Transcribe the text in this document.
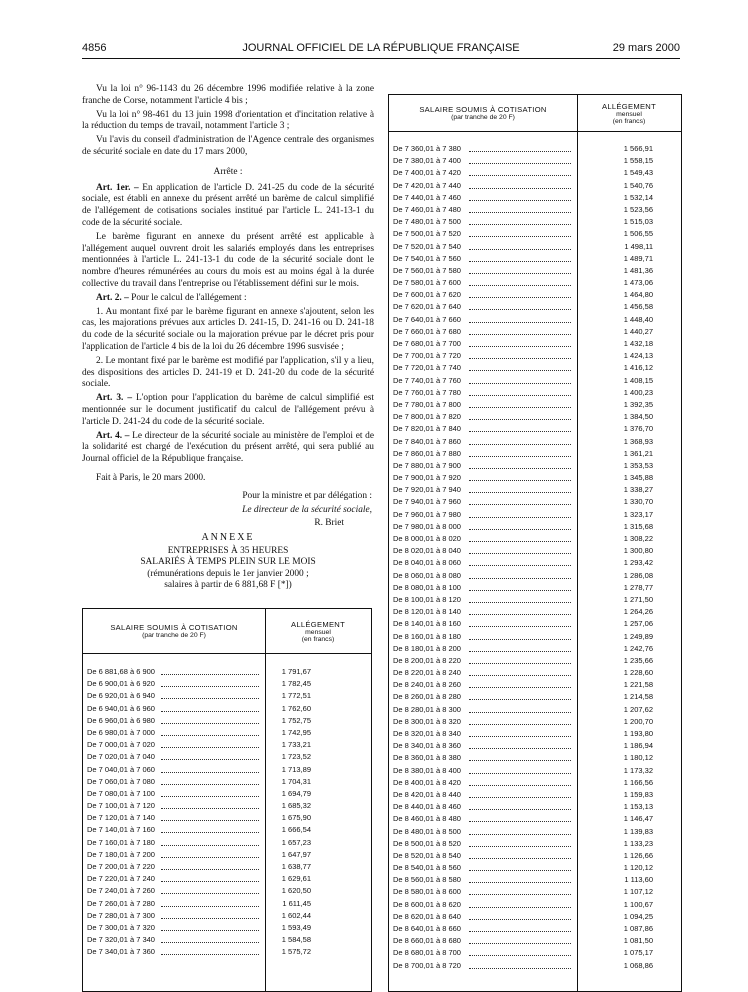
4856	JOURNAL OFFICIEL DE LA RÉPUBLIQUE FRANÇAISE	29 mars 2000

Vu la loi n° 96-1143 du 26 décembre 1996 modifiée relative à la zone franche de Corse, notamment l'article 4 bis ;

Vu la loi n° 98-461 du 13 juin 1998 d'orientation et d'incitation relative à la réduction du temps de travail, notamment l'article 3 ;

Vu l'avis du conseil d'administration de l'Agence centrale des organismes de sécurité sociale en date du 17 mars 2000,

Arrête :

Art. 1er. – En application de l'article D. 241-25 du code de la sécurité sociale, est établi en annexe du présent arrêté un barème de calcul simplifié de l'allégement de cotisations sociales institué par l'article L. 241-13-1 du code de la sécurité sociale.

Le barème figurant en annexe du présent arrêté est applicable à l'allégement auquel ouvrent droit les salariés employés dans les entreprises mentionnées à l'article L. 241-13-1 du code de la sécurité sociale dont le nombre d'heures rémunérées au cours du mois est au moins égal à la durée collective du travail dans l'entreprise ou l'établissement défini sur le mois.

Art. 2. – Pour le calcul de l'allégement :

1. Au montant fixé par le barème figurant en annexe s'ajoutent, selon les cas, les majorations prévues aux articles D. 241-15, D. 241-16 ou D. 241-18 du code de la sécurité sociale ou la majoration prévue par le décret pris pour l'application de l'article 4 bis de la loi du 26 décembre 1996 susvisée ;

2. Le montant fixé par le barème est modifié par l'application, s'il y a lieu, des dispositions des articles D. 241-19 et D. 241-20 du code de la sécurité sociale.

Art. 3. – L'option pour l'application du barème de calcul simplifié est mentionnée sur le document justificatif du calcul de l'allégement prévu à l'article D. 241-24 du code de la sécurité sociale.

Art. 4. – Le directeur de la sécurité sociale au ministère de l'emploi et de la solidarité est chargé de l'exécution du présent arrêté, qui sera publié au Journal officiel de la République française.

Fait à Paris, le 20 mars 2000.

Pour la ministre et par délégation :

Le directeur de la sécurité sociale,

R. Briet

ANNEXE

ENTREPRISES À 35 HEURES

SALARIÉS À TEMPS PLEIN SUR LE MOIS

(rémunérations depuis le 1er janvier 2000 ;

salaires à partir de 6 881,68 F [*])

SALAIRE SOUMIS À COTISATION
(par tranche de 20 F)
ALLÉGEMENT
mensuel
(en francs)
De 6 881,68 à 6 900	1 791,67
De 6 900,01 à 6 920	1 782,45
De 6 920,01 à 6 940	1 772,51
De 6 940,01 à 6 960	1 762,60
De 6 960,01 à 6 980	1 752,75
De 6 980,01 à 7 000	1 742,95
De 7 000,01 à 7 020	1 733,21
De 7 020,01 à 7 040	1 723,52
De 7 040,01 à 7 060	1 713,89
De 7 060,01 à 7 080	1 704,31
De 7 080,01 à 7 100	1 694,79
De 7 100,01 à 7 120	1 685,32
De 7 120,01 à 7 140	1 675,90
De 7 140,01 à 7 160	1 666,54
De 7 160,01 à 7 180	1 657,23
De 7 180,01 à 7 200	1 647,97
De 7 200,01 à 7 220	1 638,77
De 7 220,01 à 7 240	1 629,61
De 7 240,01 à 7 260	1 620,50
De 7 260,01 à 7 280	1 611,45
De 7 280,01 à 7 300	1 602,44
De 7 300,01 à 7 320	1 593,49
De 7 320,01 à 7 340	1 584,58
De 7 340,01 à 7 360	1 575,72
SALAIRE SOUMIS À COTISATION
(par tranche de 20 F)
ALLÉGEMENT
mensuel
(en francs)
De 7 360,01 à 7 380	1 566,91
De 7 380,01 à 7 400	1 558,15
De 7 400,01 à 7 420	1 549,43
De 7 420,01 à 7 440	1 540,76
De 7 440,01 à 7 460	1 532,14
De 7 460,01 à 7 480	1 523,56
De 7 480,01 à 7 500	1 515,03
De 7 500,01 à 7 520	1 506,55
De 7 520,01 à 7 540	1 498,11
De 7 540,01 à 7 560	1 489,71
De 7 560,01 à 7 580	1 481,36
De 7 580,01 à 7 600	1 473,06
De 7 600,01 à 7 620	1 464,80
De 7 620,01 à 7 640	1 456,58
De 7 640,01 à 7 660	1 448,40
De 7 660,01 à 7 680	1 440,27
De 7 680,01 à 7 700	1 432,18
De 7 700,01 à 7 720	1 424,13
De 7 720,01 à 7 740	1 416,12
De 7 740,01 à 7 760	1 408,15
De 7 760,01 à 7 780	1 400,23
De 7 780,01 à 7 800	1 392,35
De 7 800,01 à 7 820	1 384,50
De 7 820,01 à 7 840	1 376,70
De 7 840,01 à 7 860	1 368,93
De 7 860,01 à 7 880	1 361,21
De 7 880,01 à 7 900	1 353,53
De 7 900,01 à 7 920	1 345,88
De 7 920,01 à 7 940	1 338,27
De 7 940,01 à 7 960	1 330,70
De 7 960,01 à 7 980	1 323,17
De 7 980,01 à 8 000	1 315,68
De 8 000,01 à 8 020	1 308,22
De 8 020,01 à 8 040	1 300,80
De 8 040,01 à 8 060	1 293,42
De 8 060,01 à 8 080	1 286,08
De 8 080,01 à 8 100	1 278,77
De 8 100,01 à 8 120	1 271,50
De 8 120,01 à 8 140	1 264,26
De 8 140,01 à 8 160	1 257,06
De 8 160,01 à 8 180	1 249,89
De 8 180,01 à 8 200	1 242,76
De 8 200,01 à 8 220	1 235,66
De 8 220,01 à 8 240	1 228,60
De 8 240,01 à 8 260	1 221,58
De 8 260,01 à 8 280	1 214,58
De 8 280,01 à 8 300	1 207,62
De 8 300,01 à 8 320	1 200,70
De 8 320,01 à 8 340	1 193,80
De 8 340,01 à 8 360	1 186,94
De 8 360,01 à 8 380	1 180,12
De 8 380,01 à 8 400	1 173,32
De 8 400,01 à 8 420	1 166,56
De 8 420,01 à 8 440	1 159,83
De 8 440,01 à 8 460	1 153,13
De 8 460,01 à 8 480	1 146,47
De 8 480,01 à 8 500	1 139,83
De 8 500,01 à 8 520	1 133,23
De 8 520,01 à 8 540	1 126,66
De 8 540,01 à 8 560	1 120,12
De 8 560,01 à 8 580	1 113,60
De 8 580,01 à 8 600	1 107,12
De 8 600,01 à 8 620	1 100,67
De 8 620,01 à 8 640	1 094,25
De 8 640,01 à 8 660	1 087,86
De 8 660,01 à 8 680	1 081,50
De 8 680,01 à 8 700	1 075,17
De 8 700,01 à 8 720	1 068,86
